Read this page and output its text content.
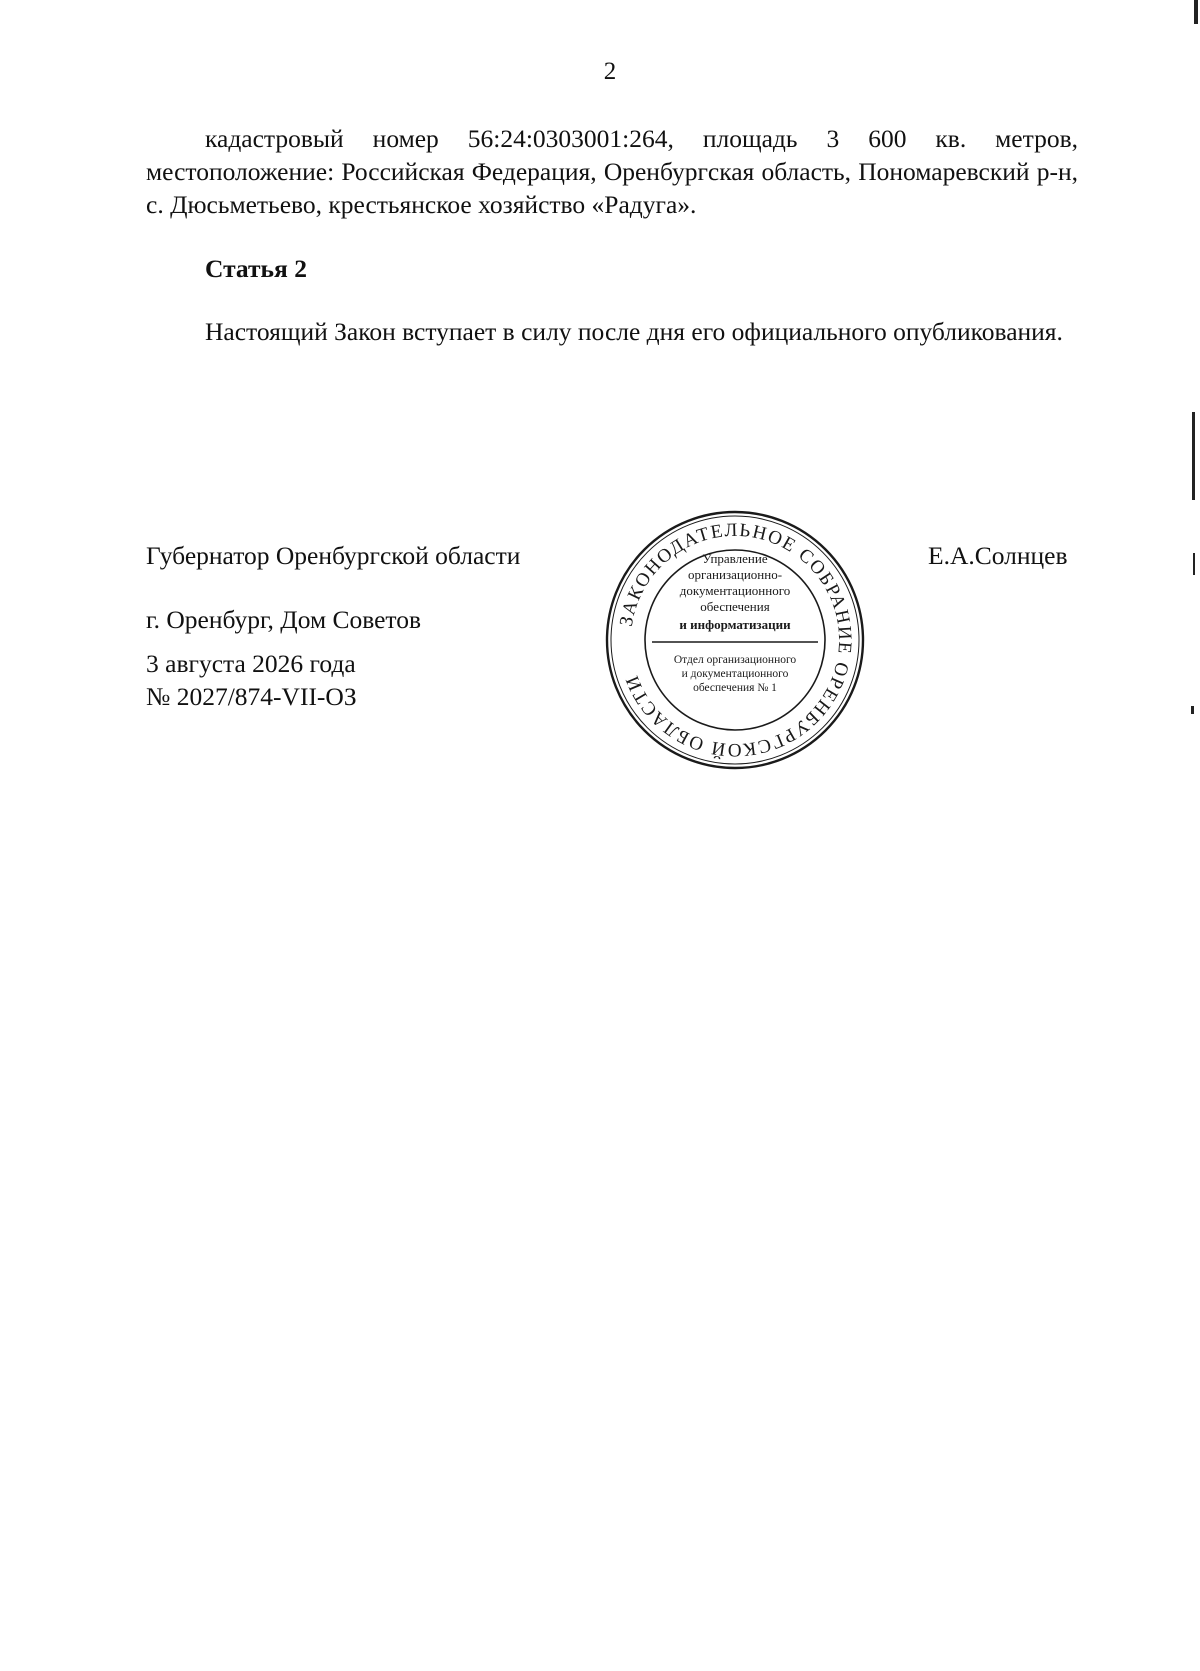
2
кадастровый номер 56:24:0303001:264, площадь 3 600 кв. метров, местоположение: Российская Федерация, Оренбургская область, Пономаревский р-н, с. Дюсьметьево, крестьянское хозяйство «Радуга».
Статья 2
Настоящий Закон вступает в силу после дня его официального опубликования.
Губернатор Оренбургской области	Е.А.Солнцев
г. Оренбург, Дом Советов
3 августа 2026 года
№ 2027/874-VII-ОЗ
ЗАКОНОДАТЕЛЬНОЕ СОБРАНИЕ ОРЕНБУРГСКОЙ ОБЛАСТИ
Управление
организационно-
документационного
обеспечения
и информатизации
Отдел организационного
и документационного
обеспечения № 1
